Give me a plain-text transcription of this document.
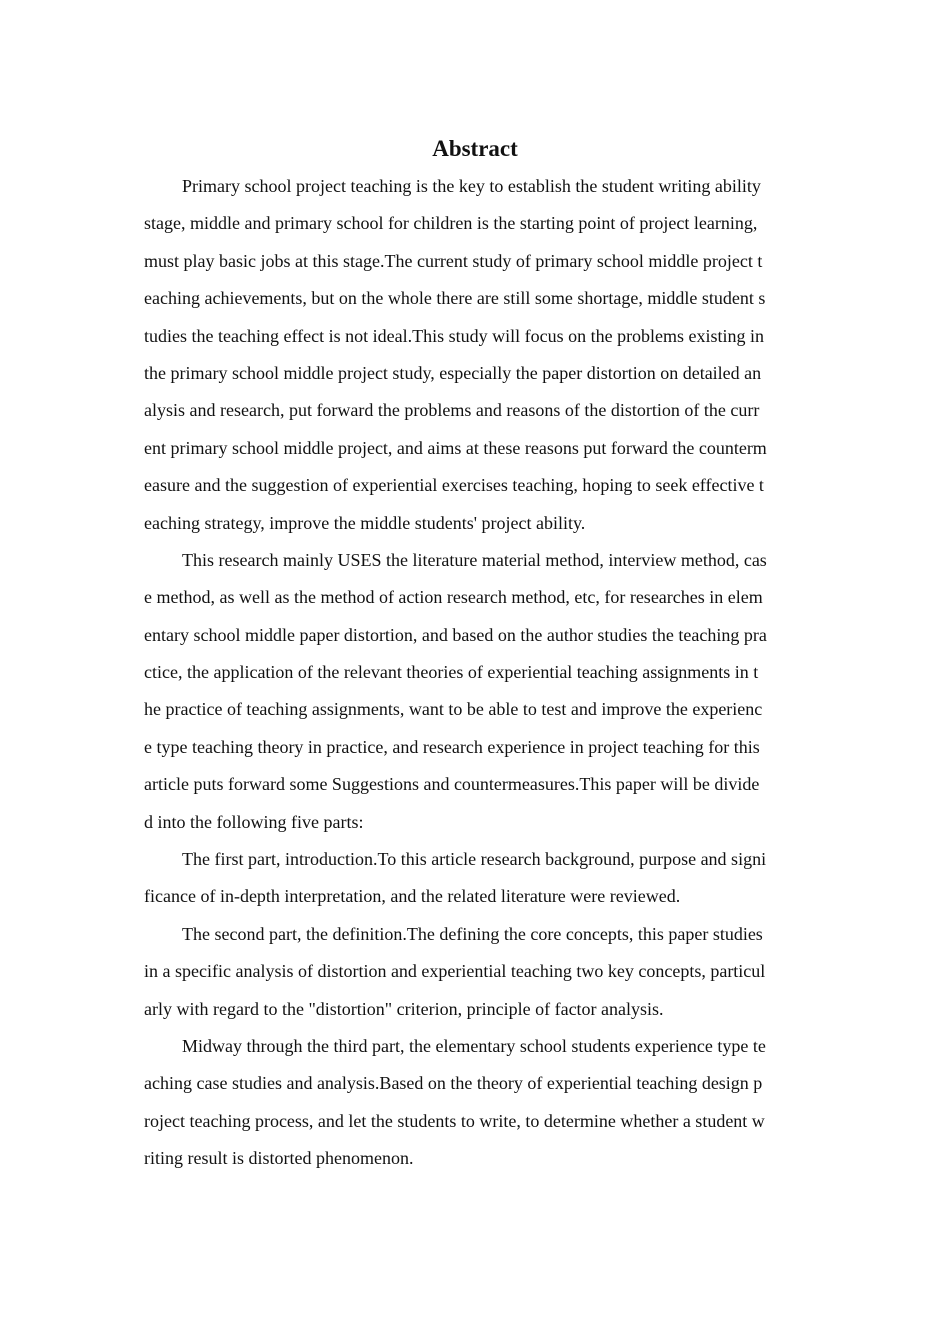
Abstract

Primary school project teaching is the key to establish the student writing ability
stage, middle and primary school for children is the starting point of project learning,
must play basic jobs at this stage.The current study of primary school middle project t
eaching achievements, but on the whole there are still some shortage, middle student s
tudies the teaching effect is not ideal.This study will focus on the problems existing in
the primary school middle project study, especially the paper distortion on detailed an
alysis and research, put forward the problems and reasons of the distortion of the curr
ent primary school middle project, and aims at these reasons put forward the counterm
easure and the suggestion of experiential exercises teaching, hoping to seek effective t
eaching strategy, improve the middle students' project ability.

This research mainly USES the literature material method, interview method, cas
e method, as well as the method of action research method, etc, for researches in elem
entary school middle paper distortion, and based on the author studies the teaching pra
ctice, the application of the relevant theories of experiential teaching assignments in t
he practice of teaching assignments, want to be able to test and improve the experienc
e type teaching theory in practice, and research experience in project teaching for this
article puts forward some Suggestions and countermeasures.This paper will be divide
d into the following five parts:

The first part, introduction.To this article research background, purpose and signi
ficance of in-depth interpretation, and the related literature were reviewed.

The second part, the definition.The defining the core concepts, this paper studies
in a specific analysis of distortion and experiential teaching two key concepts, particul
arly with regard to the "distortion" criterion, principle of factor analysis.

Midway through the third part, the elementary school students experience type te
aching case studies and analysis.Based on the theory of experiential teaching design p
roject teaching process, and let the students to write, to determine whether a student w
riting result is distorted phenomenon.
